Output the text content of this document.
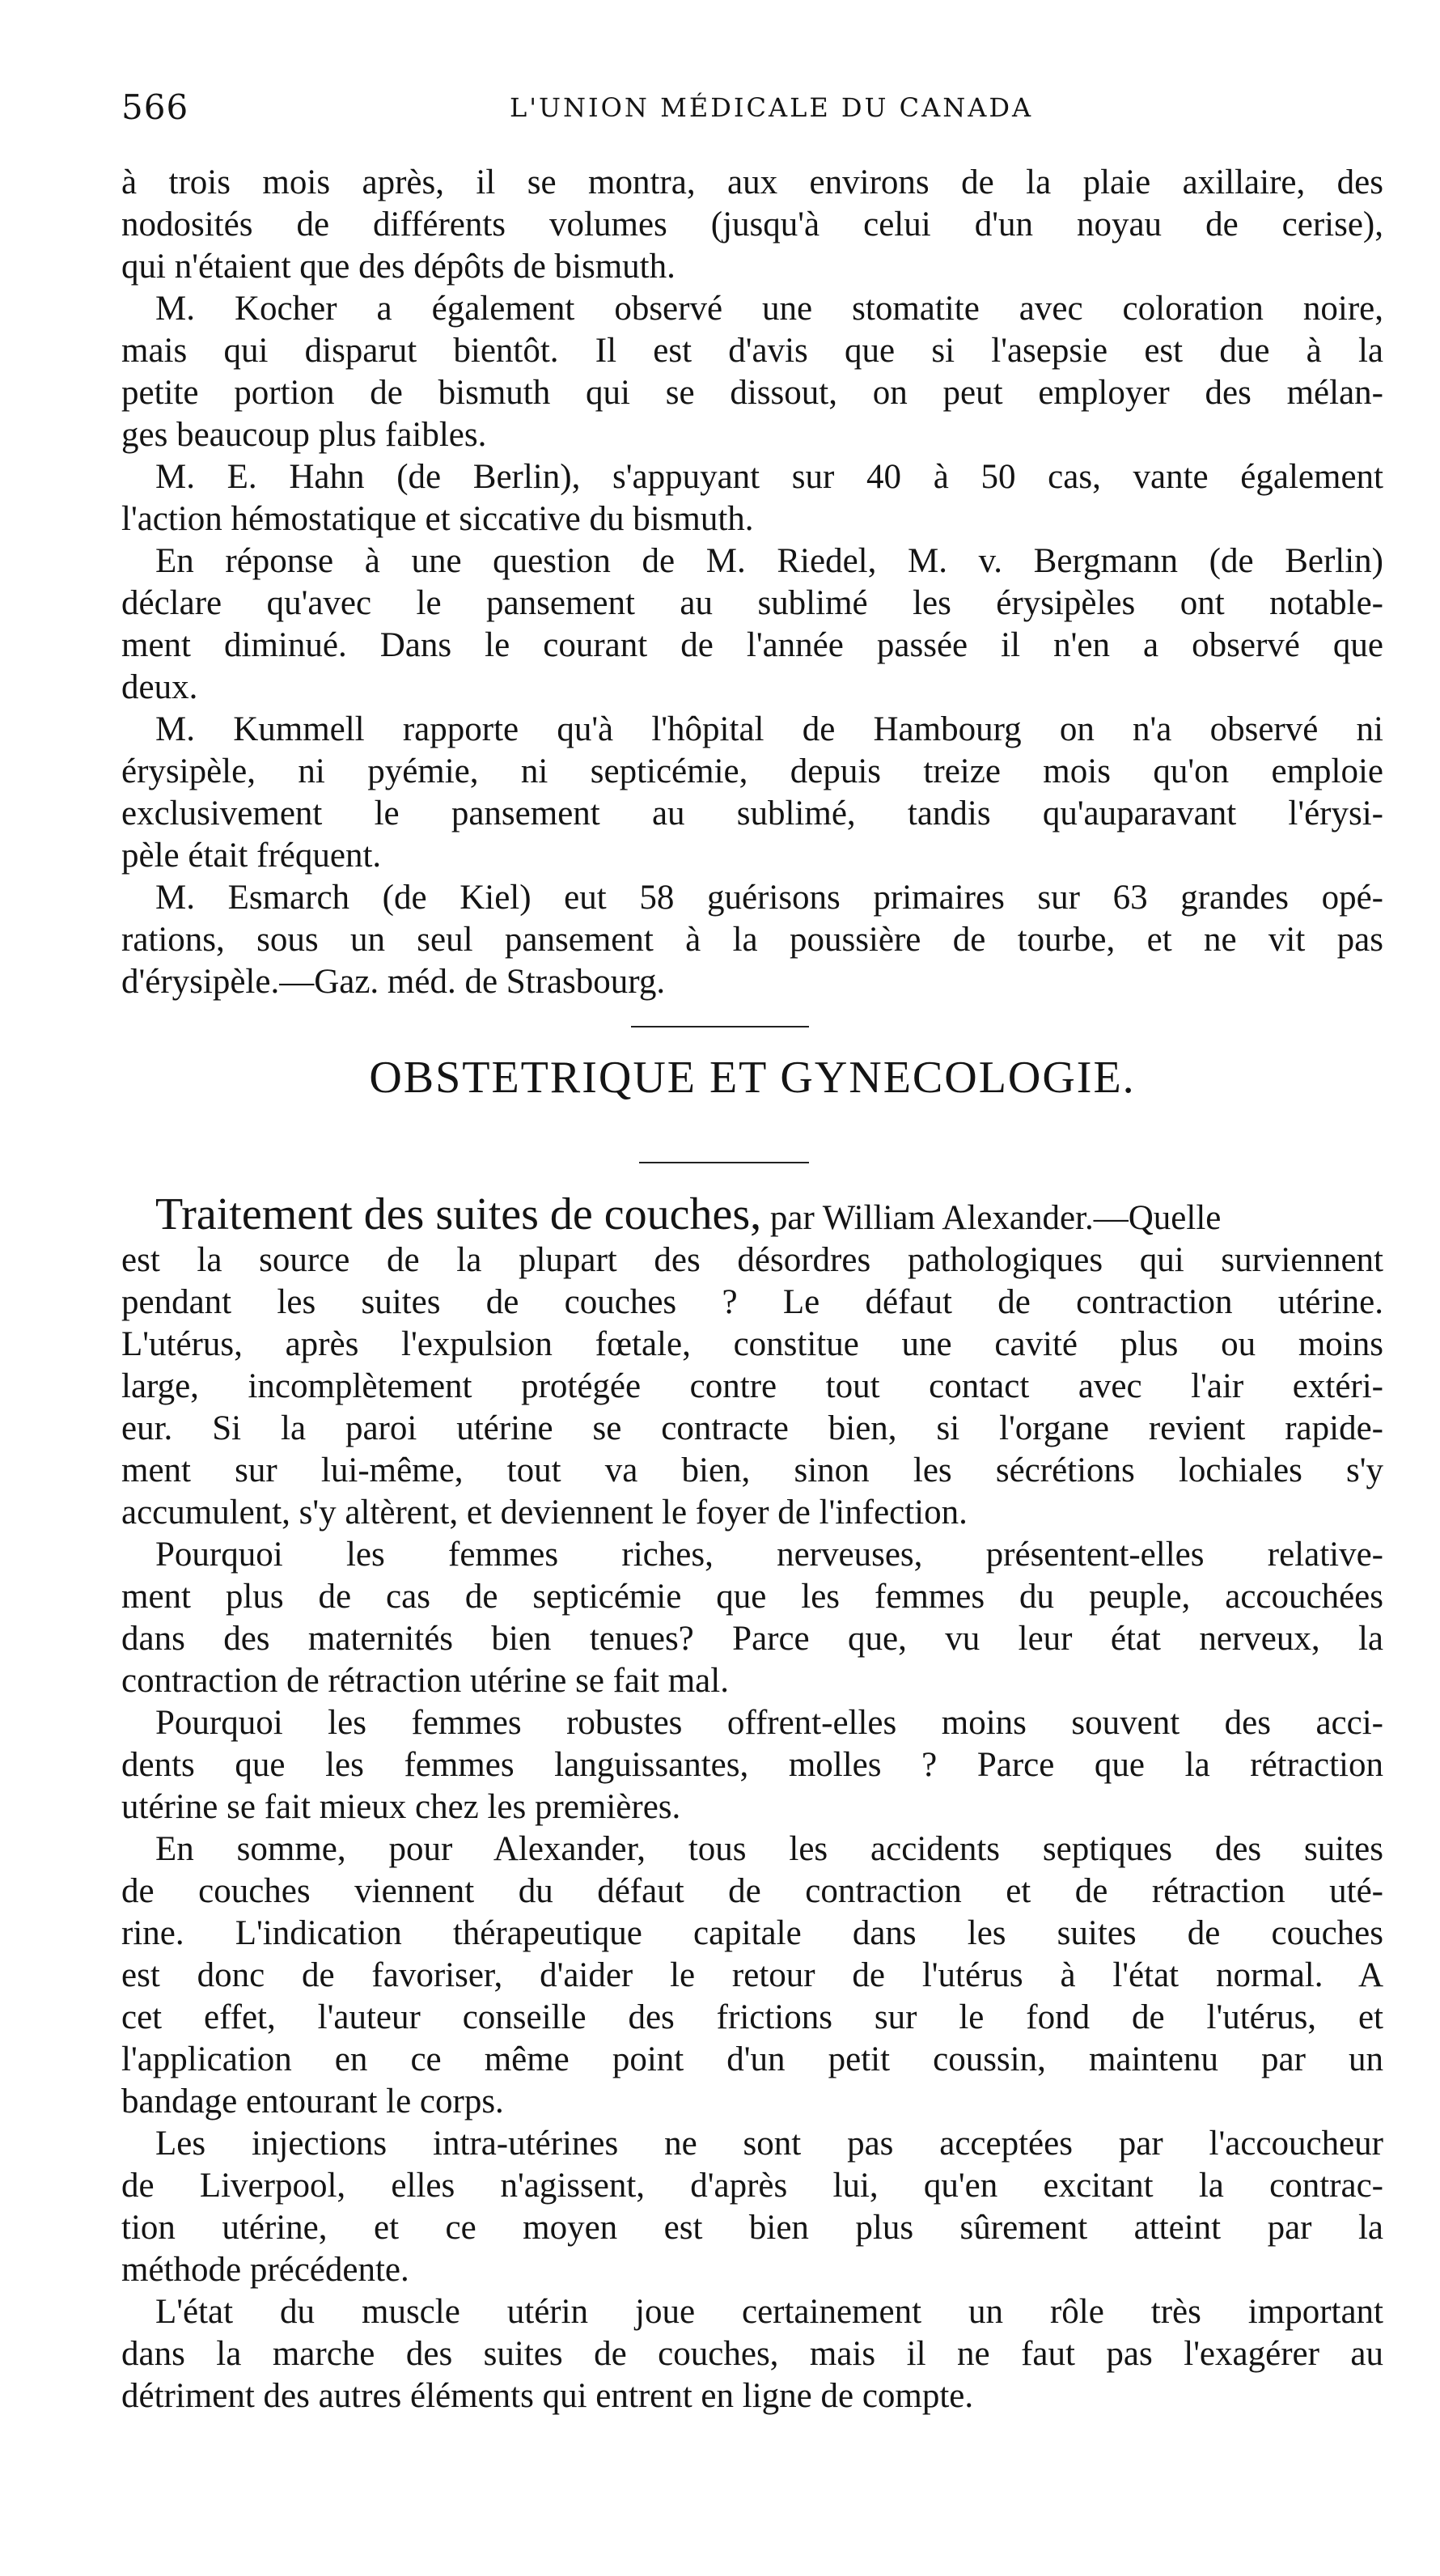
566	L'UNION MÉDICALE DU CANADA
à trois mois après, il se montra, aux environs de la plaie axillaire, des
nodosités de différents volumes (jusqu'à celui d'un noyau de cerise),
qui n'étaient que des dépôts de bismuth.
M. Kocher a également observé une stomatite avec coloration noire,
mais qui disparut bientôt. Il est d'avis que si l'asepsie est due à la
petite portion de bismuth qui se dissout, on peut employer des mélan-
ges beaucoup plus faibles.
M. E. Hahn (de Berlin), s'appuyant sur 40 à 50 cas, vante également
l'action hémostatique et siccative du bismuth.
En réponse à une question de M. Riedel, M. v. Bergmann (de Berlin)
déclare qu'avec le pansement au sublimé les érysipèles ont notable-
ment diminué. Dans le courant de l'année passée il n'en a observé que
deux.
M. Kummell rapporte qu'à l'hôpital de Hambourg on n'a observé ni
érysipèle, ni pyémie, ni septicémie, depuis treize mois qu'on emploie
exclusivement le pansement au sublimé, tandis qu'auparavant l'érysi-
pèle était fréquent.
M. Esmarch (de Kiel) eut 58 guérisons primaires sur 63 grandes opé-
rations, sous un seul pansement à la poussière de tourbe, et ne vit pas
d'érysipèle.—Gaz. méd. de Strasbourg.
OBSTETRIQUE ET GYNECOLOGIE.
Traitement des suites de couches, par William Alexander.—Quelle
est la source de la plupart des désordres pathologiques qui surviennent
pendant les suites de couches ? Le défaut de contraction utérine.
L'utérus, après l'expulsion fœtale, constitue une cavité plus ou moins
large, incomplètement protégée contre tout contact avec l'air extéri-
eur. Si la paroi utérine se contracte bien, si l'organe revient rapide-
ment sur lui-même, tout va bien, sinon les sécrétions lochiales s'y
accumulent, s'y altèrent, et deviennent le foyer de l'infection.
Pourquoi les femmes riches, nerveuses, présentent-elles relative-
ment plus de cas de septicémie que les femmes du peuple, accouchées
dans des maternités bien tenues? Parce que, vu leur état nerveux, la
contraction de rétraction utérine se fait mal.
Pourquoi les femmes robustes offrent-elles moins souvent des acci-
dents que les femmes languissantes, molles ? Parce que la rétraction
utérine se fait mieux chez les premières.
En somme, pour Alexander, tous les accidents septiques des suites
de couches viennent du défaut de contraction et de rétraction uté-
rine. L'indication thérapeutique capitale dans les suites de couches
est donc de favoriser, d'aider le retour de l'utérus à l'état normal. A
cet effet, l'auteur conseille des frictions sur le fond de l'utérus, et
l'application en ce même point d'un petit coussin, maintenu par un
bandage entourant le corps.
Les injections intra-utérines ne sont pas acceptées par l'accoucheur
de Liverpool, elles n'agissent, d'après lui, qu'en excitant la contrac-
tion utérine, et ce moyen est bien plus sûrement atteint par la
méthode précédente.
L'état du muscle utérin joue certainement un rôle très important
dans la marche des suites de couches, mais il ne faut pas l'exagérer au
détriment des autres éléments qui entrent en ligne de compte.
